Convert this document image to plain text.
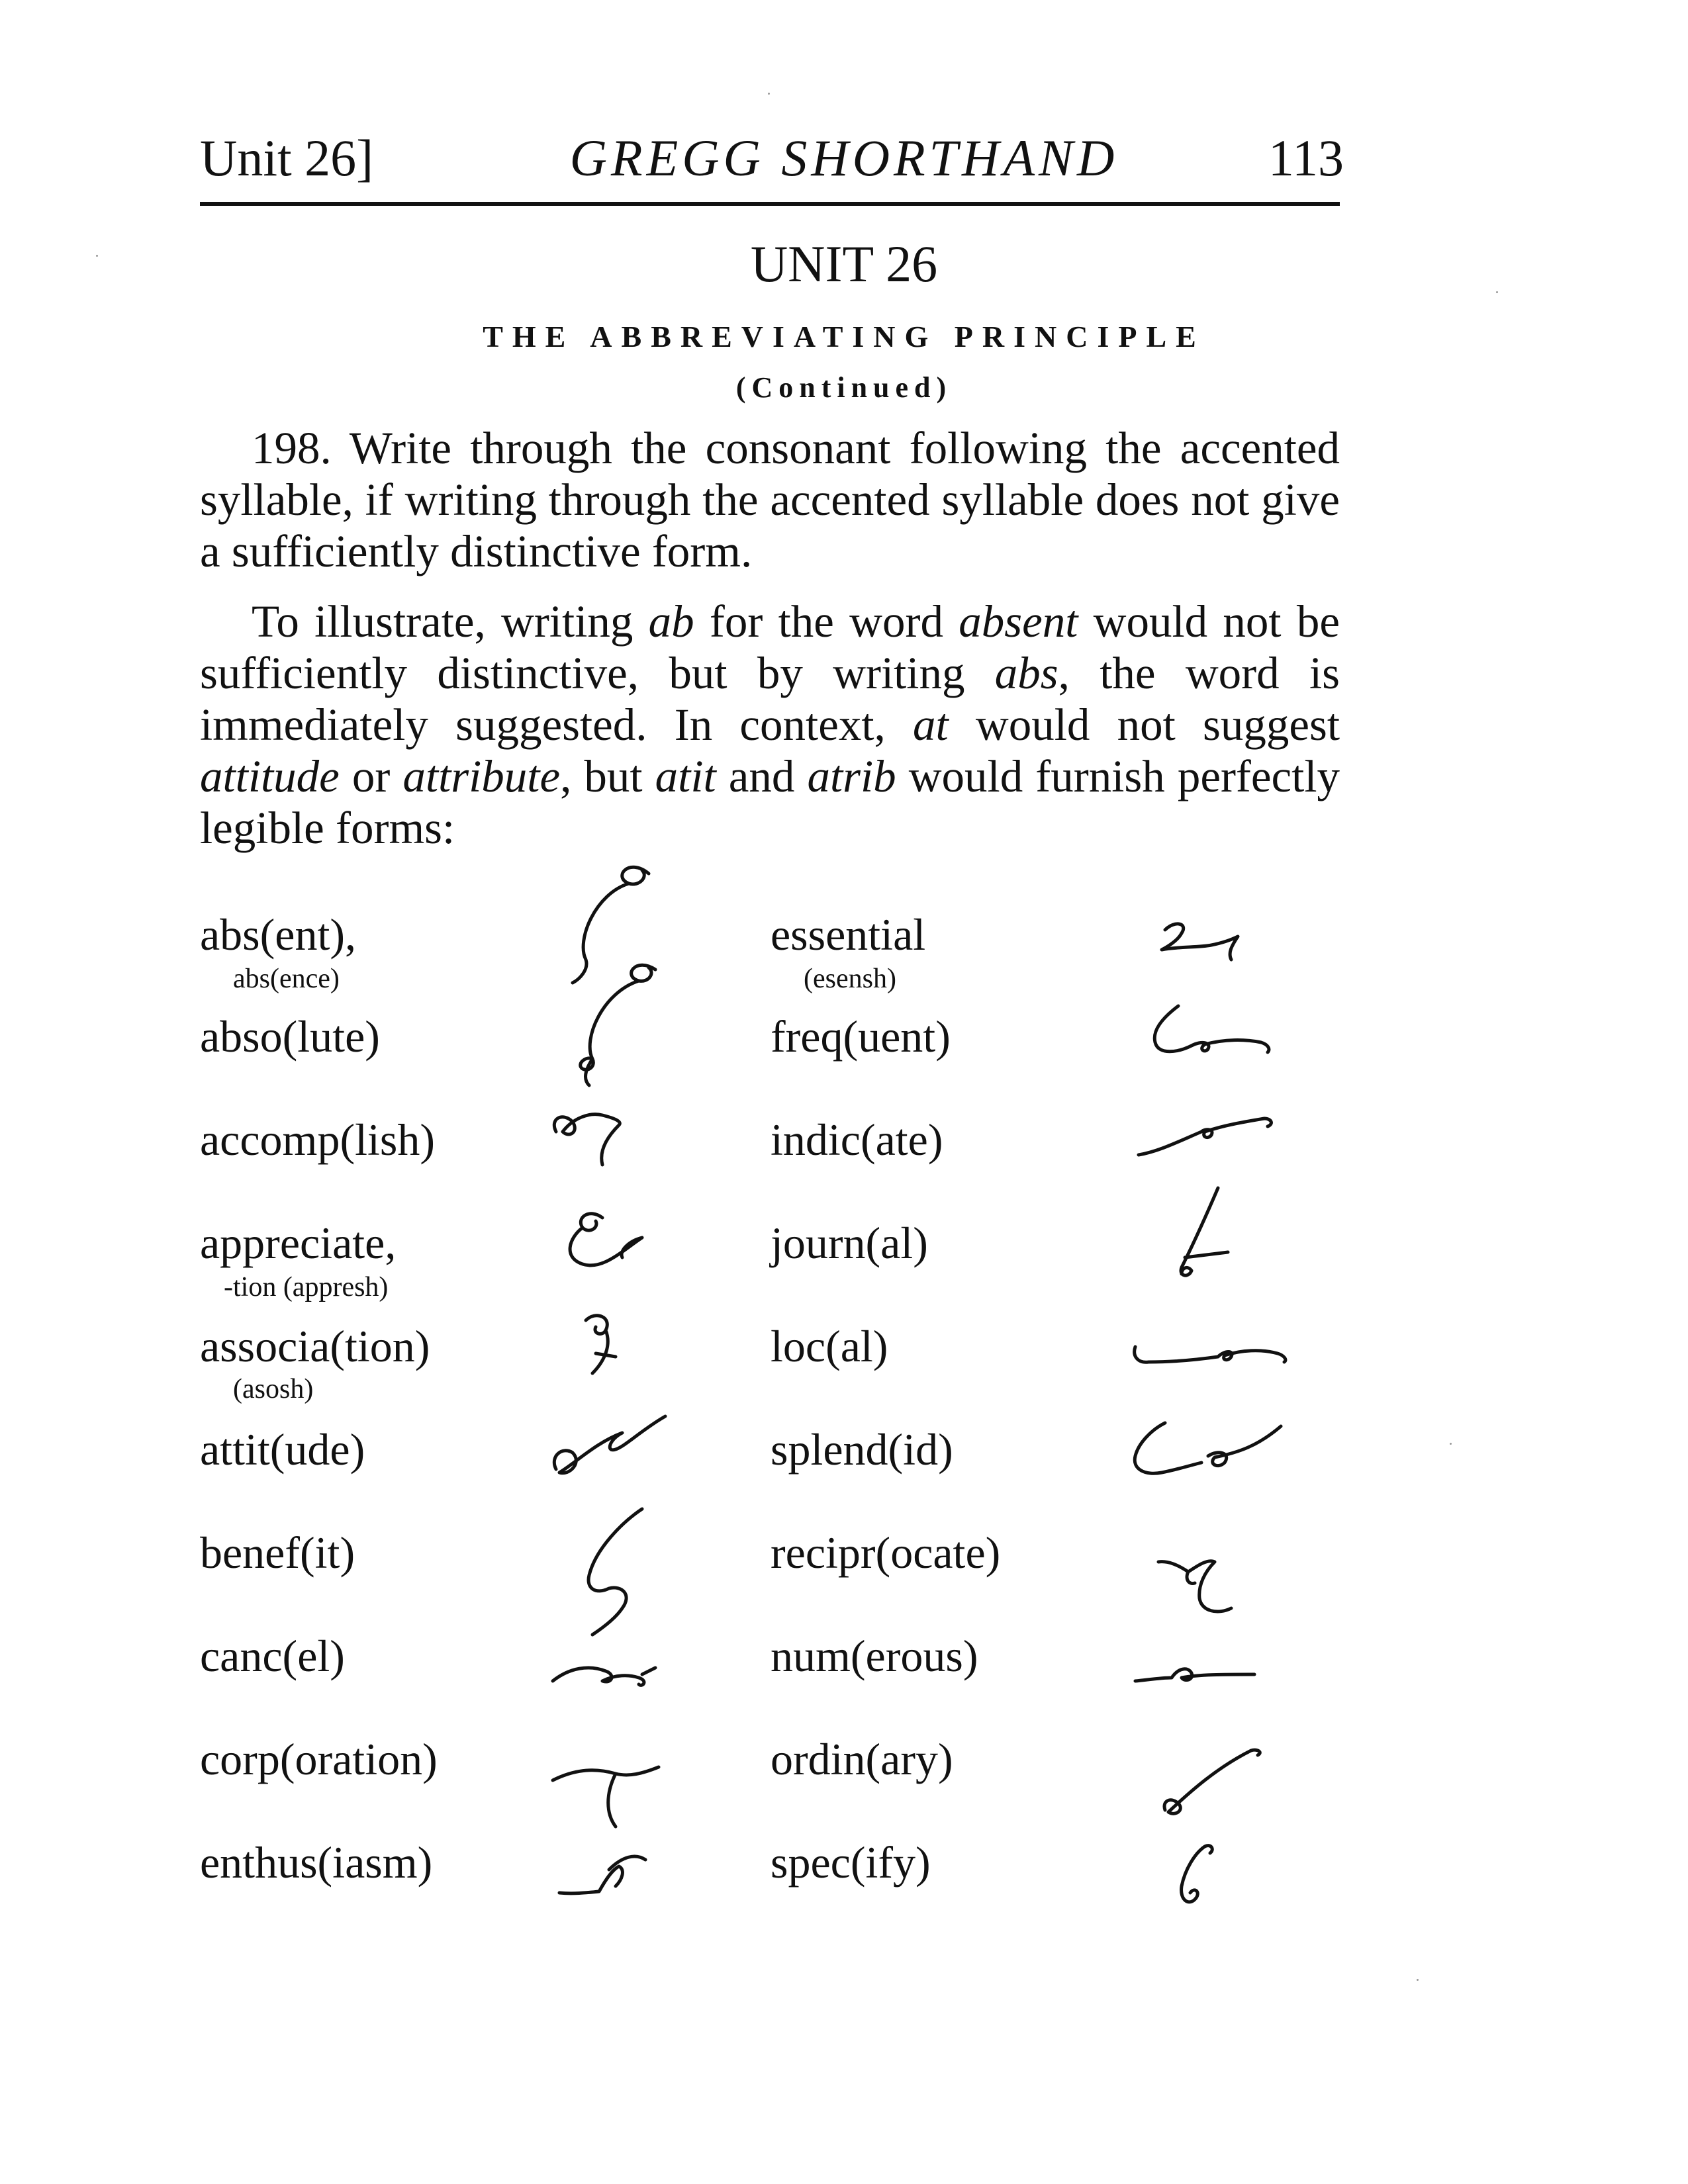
Unit 26]	GREGG SHORTHAND	113
UNIT 26
THE ABBREVIATING PRINCIPLE
(Continued)
198. Write through the consonant following the accented syllable, if writing through the accented syllable does not give a sufficiently distinctive form.
To illustrate, writing ab for the word absent would not be sufficiently distinctive, but by writing abs, the word is immediately suggested. In context, at would not suggest attitude or attribute, but atit and atrib would furnish perfectly legible forms:
abs(ent),
abs(ence)
abso(lute)
accomp(lish)
appreciate,
-tion (appresh)
associa(tion)
(asosh)
attit(ude)
benef(it)
canc(el)
corp(oration)
enthus(iasm)
essential
(esensh)
freq(uent)
indic(ate)
journ(al)
loc(al)
splend(id)
recipr(ocate)
num(erous)
ordin(ary)
spec(ify)
